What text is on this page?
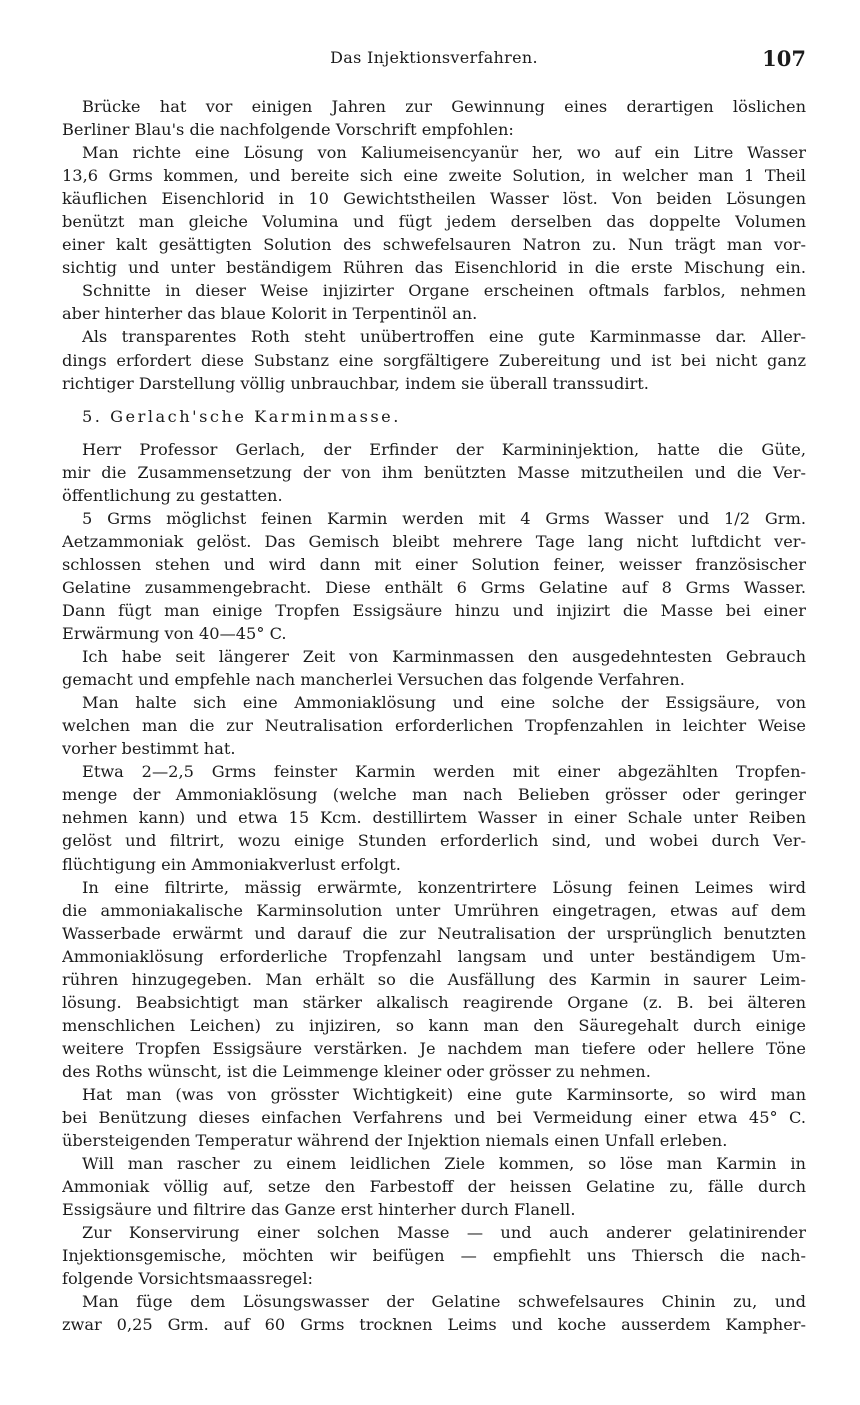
Das Injektionsverfahren.	107
Brücke hat vor einigen Jahren zur Gewinnung eines derartigen löslichen
Berliner Blau's die nachfolgende Vorschrift empfohlen:
Man richte eine Lösung von Kaliumeisencyanür her, wo auf ein Litre Wasser
13,6 Grms kommen, und bereite sich eine zweite Solution, in welcher man 1 Theil
käuflichen Eisenchlorid in 10 Gewichtstheilen Wasser löst. Von beiden Lösungen
benützt man gleiche Volumina und fügt jedem derselben das doppelte Volumen
einer kalt gesättigten Solution des schwefelsauren Natron zu. Nun trägt man vor-
sichtig und unter beständigem Rühren das Eisenchlorid in die erste Mischung ein.
Schnitte in dieser Weise injizirter Organe erscheinen oftmals farblos, nehmen
aber hinterher das blaue Kolorit in Terpentinöl an.
Als transparentes Roth steht unübertroffen eine gute Karminmasse dar. Aller-
dings erfordert diese Substanz eine sorgfältigere Zubereitung und ist bei nicht ganz
richtiger Darstellung völlig unbrauchbar, indem sie überall transsudirt.
5. Gerlach'sche Karminmasse.
Herr Professor Gerlach, der Erfinder der Karmininjektion, hatte die Güte,
mir die Zusammensetzung der von ihm benützten Masse mitzutheilen und die Ver-
öffentlichung zu gestatten.
5 Grms möglichst feinen Karmin werden mit 4 Grms Wasser und 1/2 Grm.
Aetzammoniak gelöst. Das Gemisch bleibt mehrere Tage lang nicht luftdicht ver-
schlossen stehen und wird dann mit einer Solution feiner, weisser französischer
Gelatine zusammengebracht. Diese enthält 6 Grms Gelatine auf 8 Grms Wasser.
Dann fügt man einige Tropfen Essigsäure hinzu und injizirt die Masse bei einer
Erwärmung von 40—45° C.
Ich habe seit längerer Zeit von Karminmassen den ausgedehntesten Gebrauch
gemacht und empfehle nach mancherlei Versuchen das folgende Verfahren.
Man halte sich eine Ammoniaklösung und eine solche der Essigsäure, von
welchen man die zur Neutralisation erforderlichen Tropfenzahlen in leichter Weise
vorher bestimmt hat.
Etwa 2—2,5 Grms feinster Karmin werden mit einer abgezählten Tropfen-
menge der Ammoniaklösung (welche man nach Belieben grösser oder geringer
nehmen kann) und etwa 15 Kcm. destillirtem Wasser in einer Schale unter Reiben
gelöst und filtrirt, wozu einige Stunden erforderlich sind, und wobei durch Ver-
flüchtigung ein Ammoniakverlust erfolgt.
In eine filtrirte, mässig erwärmte, konzentrirtere Lösung feinen Leimes wird
die ammoniakalische Karminsolution unter Umrühren eingetragen, etwas auf dem
Wasserbade erwärmt und darauf die zur Neutralisation der ursprünglich benutzten
Ammoniaklösung erforderliche Tropfenzahl langsam und unter beständigem Um-
rühren hinzugegeben. Man erhält so die Ausfällung des Karmin in saurer Leim-
lösung. Beabsichtigt man stärker alkalisch reagirende Organe (z. B. bei älteren
menschlichen Leichen) zu injiziren, so kann man den Säuregehalt durch einige
weitere Tropfen Essigsäure verstärken. Je nachdem man tiefere oder hellere Töne
des Roths wünscht, ist die Leimmenge kleiner oder grösser zu nehmen.
Hat man (was von grösster Wichtigkeit) eine gute Karminsorte, so wird man
bei Benützung dieses einfachen Verfahrens und bei Vermeidung einer etwa 45° C.
übersteigenden Temperatur während der Injektion niemals einen Unfall erleben.
Will man rascher zu einem leidlichen Ziele kommen, so löse man Karmin in
Ammoniak völlig auf, setze den Farbestoff der heissen Gelatine zu, fälle durch
Essigsäure und filtrire das Ganze erst hinterher durch Flanell.
Zur Konservirung einer solchen Masse — und auch anderer gelatinirender
Injektionsgemische, möchten wir beifügen — empfiehlt uns Thiersch die nach-
folgende Vorsichtsmaassregel:
Man füge dem Lösungswasser der Gelatine schwefelsaures Chinin zu, und
zwar 0,25 Grm. auf 60 Grms trocknen Leims und koche ausserdem Kampher-
